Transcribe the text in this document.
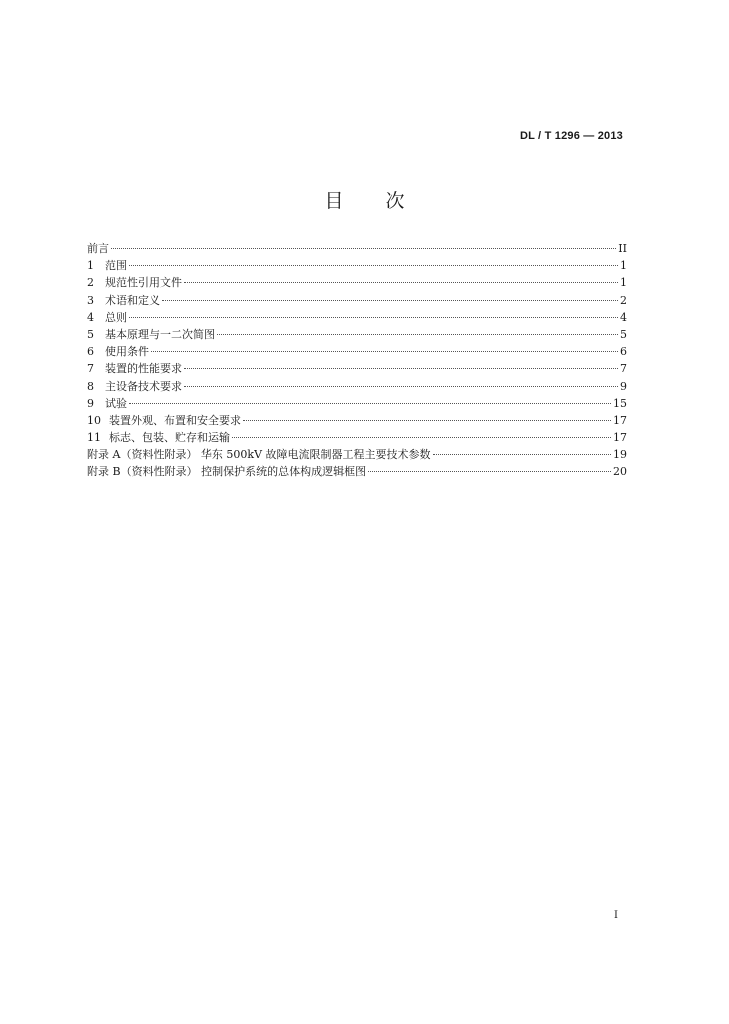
DL / T 1296 — 2013
目 次
前言	II
1	范围	1
2	规范性引用文件	1
3	术语和定义	2
4	总则	4
5	基本原理与一二次简图	5
6	使用条件	6
7	装置的性能要求	7
8	主设备技术要求	9
9	试验	15
10 装置外观、布置和安全要求	17
11 标志、包装、贮存和运输	17
附录 A（资料性附录） 华东 500kV 故障电流限制器工程主要技术参数	19
附录 B（资料性附录） 控制保护系统的总体构成逻辑框图	20
I
